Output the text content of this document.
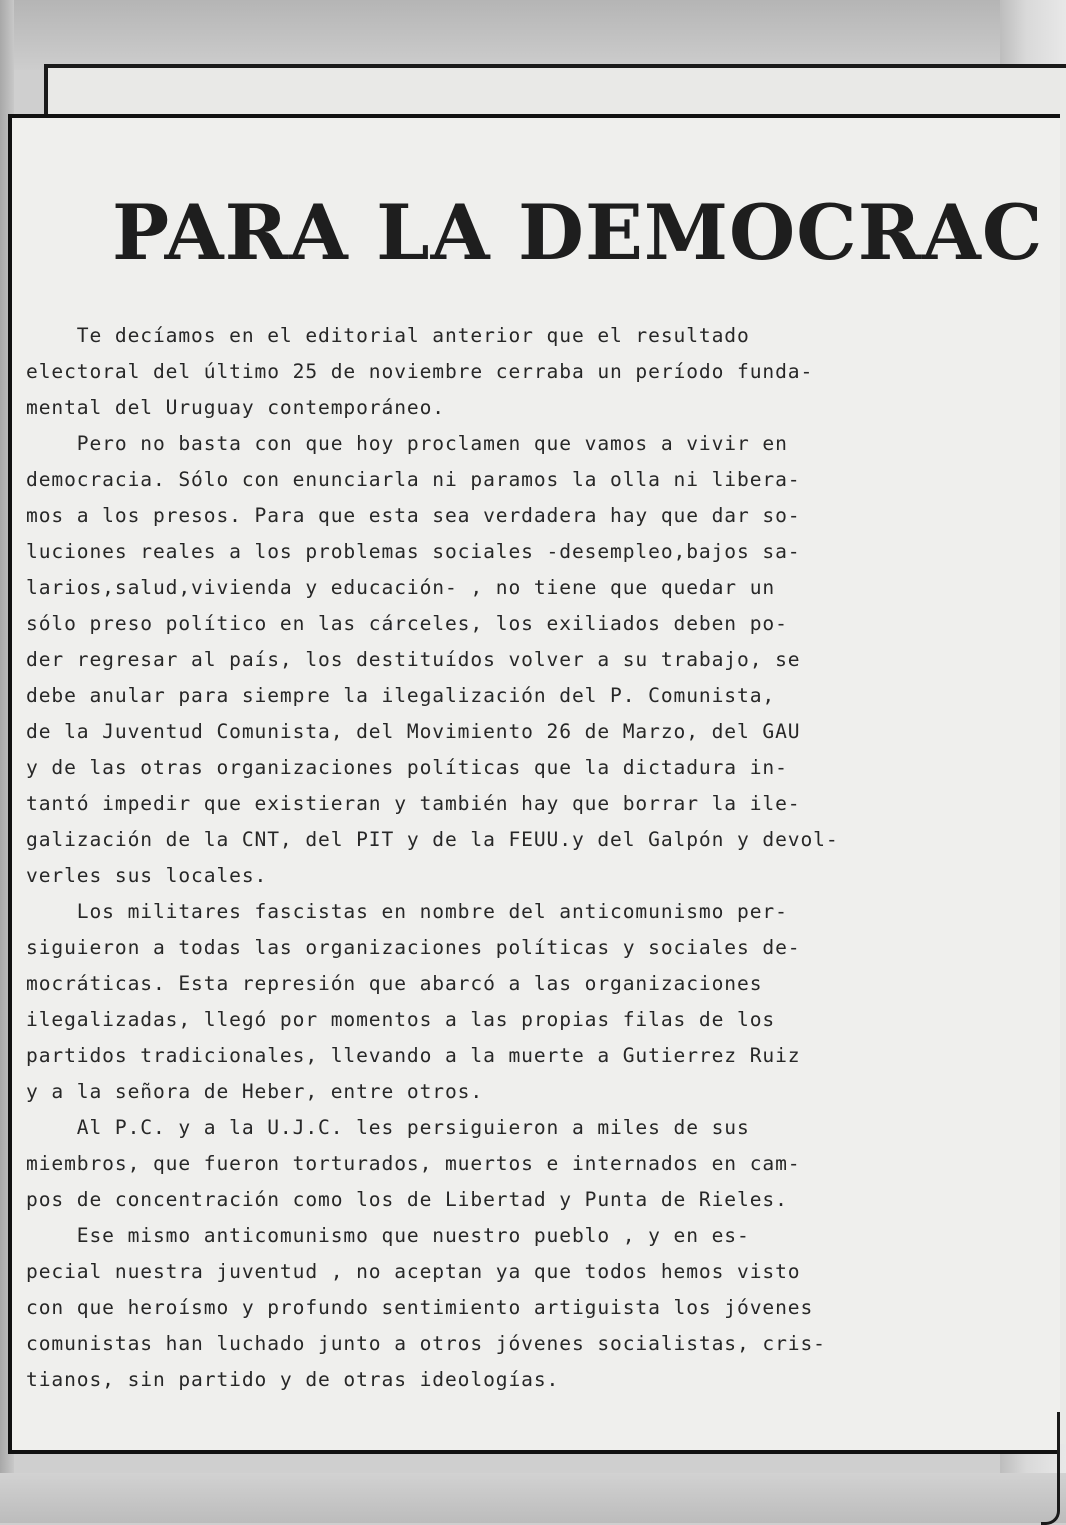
PARA LA DEMOCRAC
Te decíamos en el editorial anterior que el resultado
electoral del último 25 de noviembre cerraba un período funda-
mental del Uruguay contemporáneo.
Pero no basta con que hoy proclamen que vamos a vivir en
democracia. Sólo con enunciarla ni paramos la olla ni libera-
mos a los presos. Para que esta sea verdadera hay que dar so-
luciones reales a los problemas sociales -desempleo,bajos sa-
larios,salud,vivienda y educación- , no tiene que quedar un
sólo preso político en las cárceles, los exiliados deben po-
der regresar al país, los destituídos volver a su trabajo, se
debe anular para siempre la ilegalización del P. Comunista,
de la Juventud Comunista, del Movimiento 26 de Marzo, del GAU
y de las otras organizaciones políticas que la dictadura in-
tantó impedir que existieran y también hay que borrar la ile-
galización de la CNT, del PIT y de la FEUU.y del Galpón y devol-
verles sus locales.
Los militares fascistas en nombre del anticomunismo per-
siguieron a todas las organizaciones políticas y sociales de-
mocráticas. Esta represión que abarcó a las organizaciones
ilegalizadas, llegó por momentos a las propias filas de los
partidos tradicionales, llevando a la muerte a Gutierrez Ruiz
y a la señora de Heber, entre otros.
Al P.C. y a la U.J.C. les persiguieron a miles de sus
miembros, que fueron torturados, muertos e internados en cam-
pos de concentración como los de Libertad y Punta de Rieles.
Ese mismo anticomunismo que nuestro pueblo , y en es-
pecial nuestra juventud , no aceptan ya que todos hemos visto
con que heroísmo y profundo sentimiento artiguista los jóvenes
comunistas han luchado junto a otros jóvenes socialistas, cris-
tianos, sin partido y de otras ideologías.
